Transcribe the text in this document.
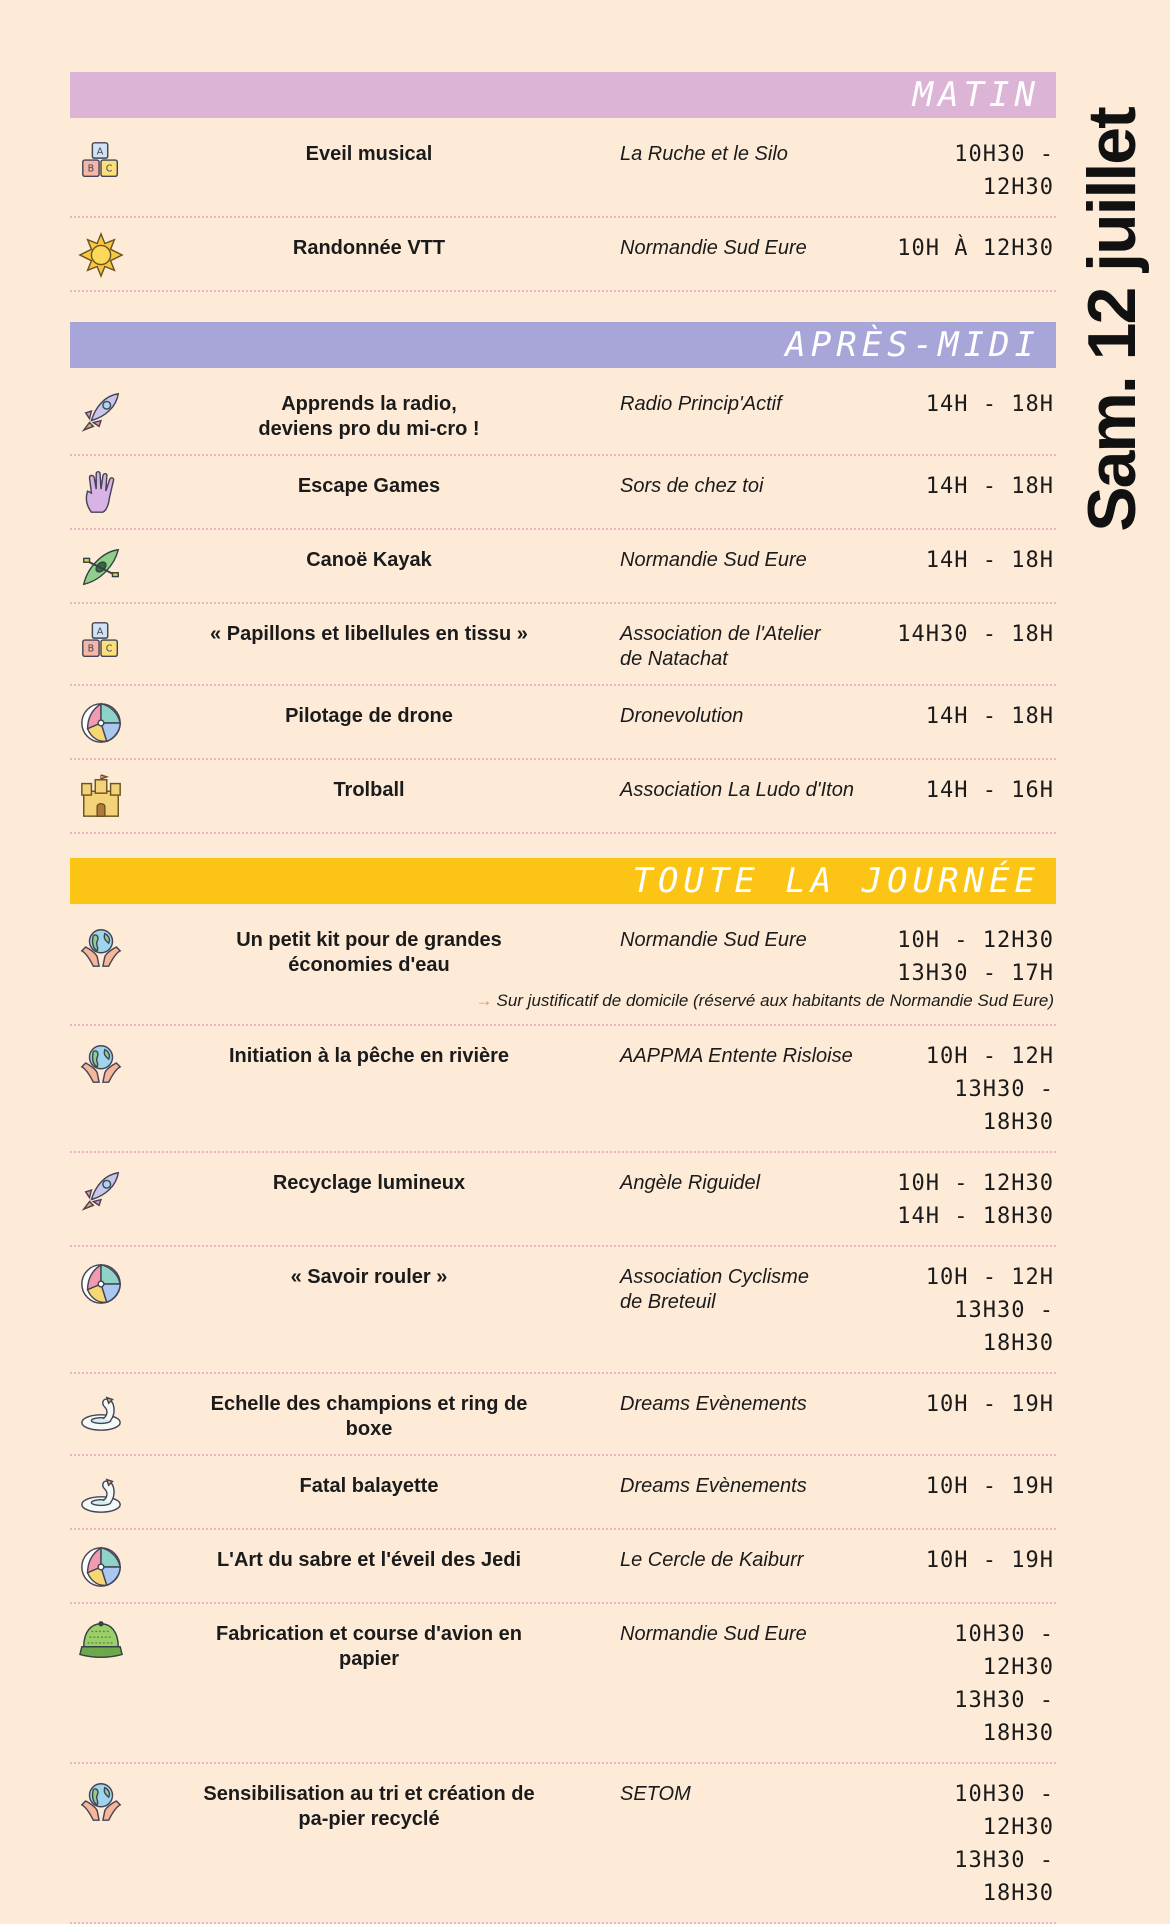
Sam. 12 juillet
MATIN
A
B C
Eveil musical	La Ruche et le Silo	10H30 - 12H30
Randonnée VTT	Normandie Sud Eure	10H À 12H30
APRÈS-MIDI
Apprends la radio,
deviens pro du mi-cro !
Radio Princip'Actif	14H - 18H
Escape Games	Sors de chez toi	14H - 18H
Canoë Kayak	Normandie Sud Eure	14H - 18H
A
B C
« Papillons et libellules en tissu »	Association de l'Atelier
de Natachat
14H30 - 18H
Pilotage de drone	Dronevolution	14H - 18H
Trolball	Association La Ludo d'Iton	14H - 16H
TOUTE LA JOURNÉE
Un petit kit pour de grandes
économies d'eau
Normandie Sud Eure	10H - 12H30
13H30 - 17H
→ Sur justificatif de domicile (réservé aux habitants de Normandie Sud Eure)
Initiation à la pêche en rivière	AAPPMA Entente Risloise	10H - 12H
13H30 - 18H30
Recyclage lumineux	Angèle Riguidel	10H - 12H30
14H - 18H30
« Savoir rouler »	Association Cyclisme
de Breteuil
10H - 12H
13H30 - 18H30
Echelle des champions et ring de
boxe
Dreams Evènements	10H - 19H
Fatal balayette	Dreams Evènements	10H - 19H
L'Art du sabre et l'éveil des Jedi	Le Cercle de Kaiburr	10H - 19H
Fabrication et course d'avion en
papier
Normandie Sud Eure	10H30 - 12H30
13H30 - 18H30
Sensibilisation au tri et création de
pa-pier recyclé
SETOM	10H30 - 12H30
13H30 - 18H30
